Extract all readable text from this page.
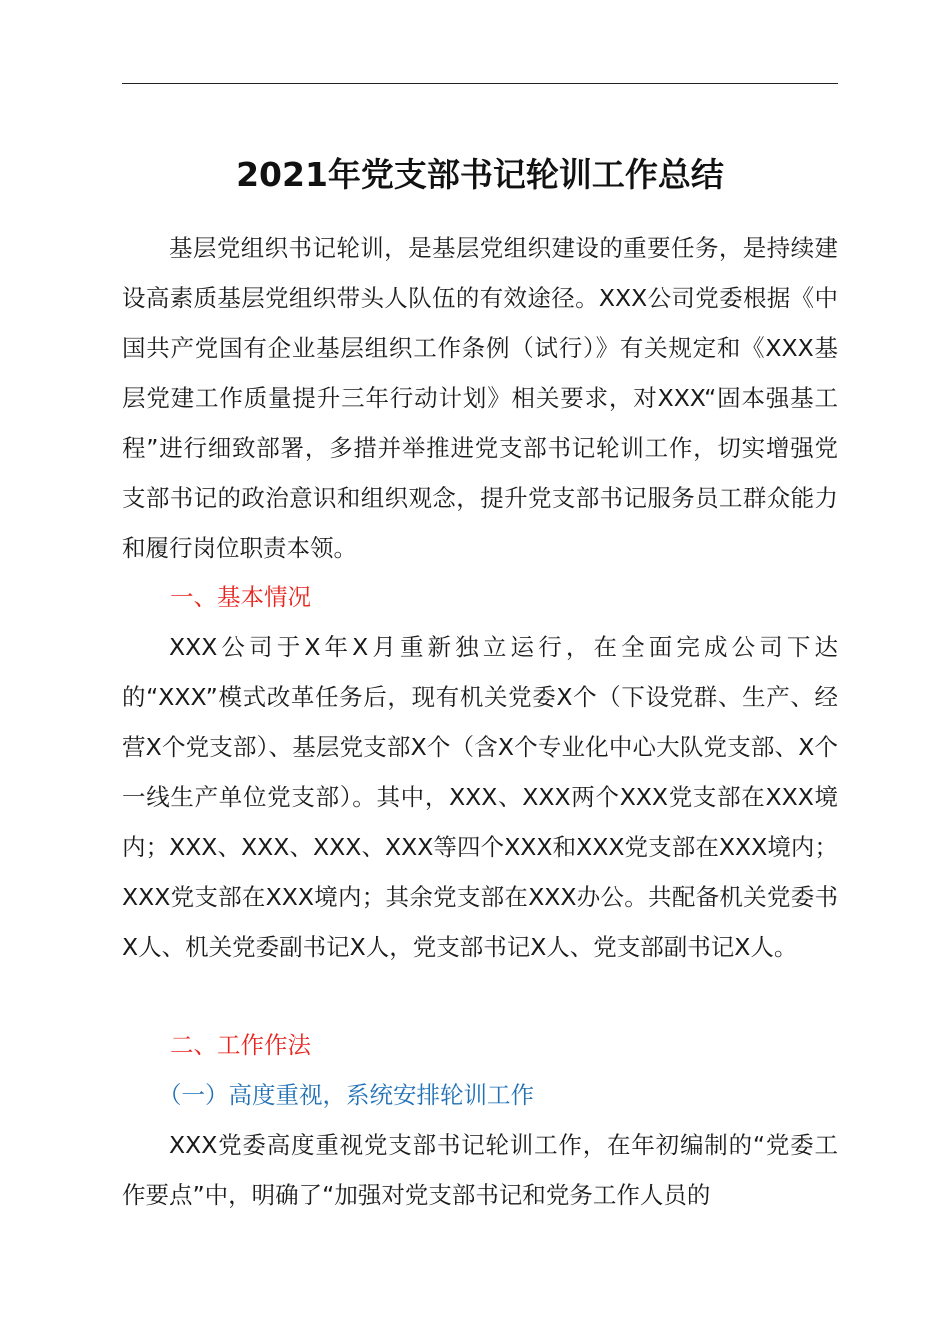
2021年党支部书记轮训工作总结

基层党组织书记轮训，是基层党组织建设的重要任务，是持续建设高素质基层党组织带头人队伍的有效途径。XXX公司党委根据《中国共产党国有企业基层组织工作条例（试行）》有关规定和《XXX基层党建工作质量提升三年行动计划》相关要求，对XXX“固本强基工程”进行细致部署，多措并举推进党支部书记轮训工作，切实增强党支部书记的政治意识和组织观念，提升党支部书记服务员工群众能力和履行岗位职责本领。

一、基本情况

XXX公司于X年X月重新独立运行，在全面完成公司下达的“XXX”模式改革任务后，现有机关党委X个（下设党群、生产、经营X个党支部）、基层党支部X个（含X个专业化中心大队党支部、X个一线生产单位党支部）。其中，XXX、XXX两个XXX党支部在XXX境内；XXX、XXX、XXX、XXX等四个XXX和XXX党支部在XXX境内；XXX党支部在XXX境内；其余党支部在XXX办公。共配备机关党委书X人、机关党委副书记X人，党支部书记X人、党支部副书记X人。

二、工作作法

（一）高度重视，系统安排轮训工作

XXX党委高度重视党支部书记轮训工作，在年初编制的“党委工作要点”中，明确了“加强对党支部书记和党务工作人员的
